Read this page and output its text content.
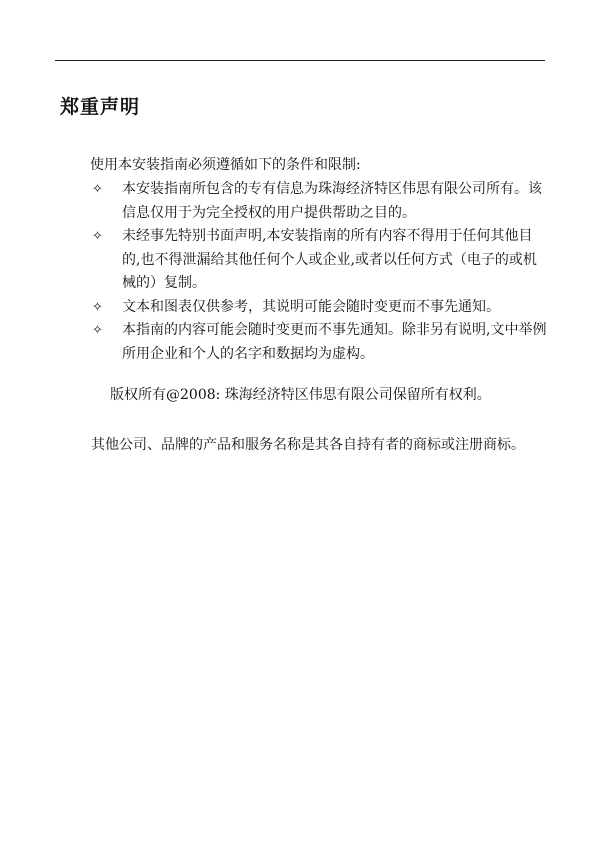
郑重声明

使用本安装指南必须遵循如下的条件和限制:

✧ 本安装指南所包含的专有信息为珠海经济特区伟思有限公司所有。该信息仅用于为完全授权的用户提供帮助之目的。
✧ 未经事先特别书面声明,本安装指南的所有内容不得用于任何其他目的,也不得泄漏给其他任何个人或企业,或者以任何方式（电子的或机械的）复制。
✧ 文本和图表仅供参考，其说明可能会随时变更而不事先通知。
✧ 本指南的内容可能会随时变更而不事先通知。除非另有说明,文中举例所用企业和个人的名字和数据均为虚构。

版权所有@2008: 珠海经济特区伟思有限公司保留所有权利。

其他公司、品牌的产品和服务名称是其各自持有者的商标或注册商标。
